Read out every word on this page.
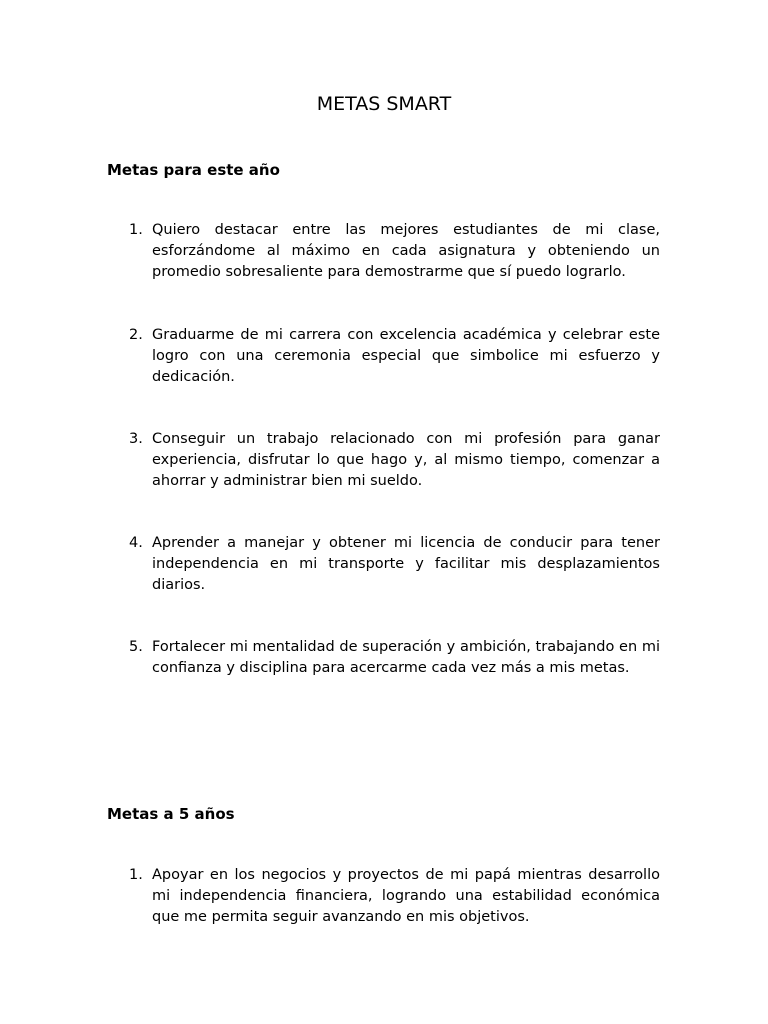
METAS SMART
Metas para este año
1. Quiero destacar entre las mejores estudiantes de mi clase, esforzándome al máximo en cada asignatura y obteniendo un promedio sobresaliente para demostrarme que sí puedo lograrlo.

2. Graduarme de mi carrera con excelencia académica y celebrar este logro con una ceremonia especial que simbolice mi esfuerzo y dedicación.

3. Conseguir un trabajo relacionado con mi profesión para ganar experiencia, disfrutar lo que hago y, al mismo tiempo, comenzar a ahorrar y administrar bien mi sueldo.

4. Aprender a manejar y obtener mi licencia de conducir para tener independencia en mi transporte y facilitar mis desplazamientos diarios.

5. Fortalecer mi mentalidad de superación y ambición, trabajando en mi confianza y disciplina para acercarme cada vez más a mis metas.

Metas a 5 años
1. Apoyar en los negocios y proyectos de mi papá mientras desarrollo mi independencia financiera, logrando una estabilidad económica que me permita seguir avanzando en mis objetivos.
